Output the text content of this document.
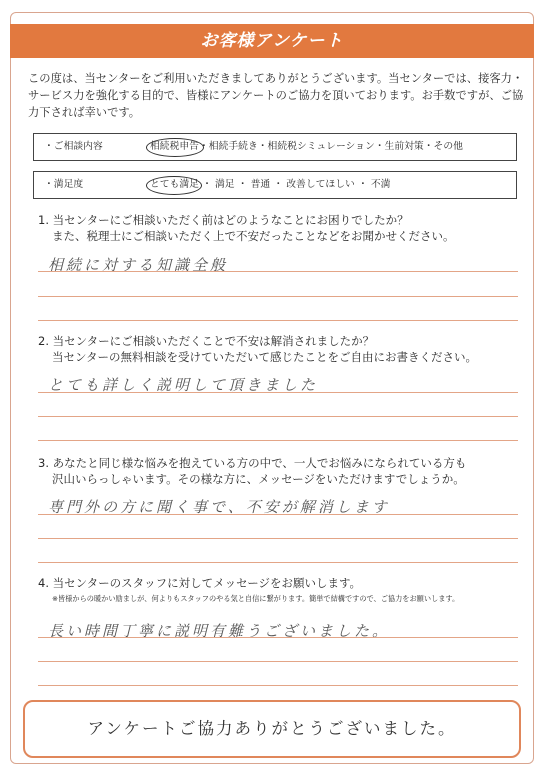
お客様アンケート
この度は、当センターをご利用いただきましてありがとうございます。当センターでは、接客力・サービス力を強化する目的で、皆様にアンケートのご協力を頂いております。お手数ですが、ご協力下されば幸いです。
・ご相談内容	相続税申告・相続手続き・相続税シミュレーション・生前対策・その他
・満足度	とても満足 ・ 満足 ・ 普通 ・ 改善してほしい ・ 不満
1. 当センターにご相談いただく前はどのようなことにお困りでしたか？
また、税理士にご相談いただく上で不安だったことなどをお聞かせください。
相続に対する知識全般
2. 当センターにご相談いただくことで不安は解消されましたか？
当センターの無料相談を受けていただいて感じたことをご自由にお書きください。
とても詳しく説明して頂きました
3. あなたと同じ様な悩みを抱えている方の中で、一人でお悩みになられている方も
沢山いらっしゃいます。その様な方に、メッセージをいただけますでしょうか。
専門外の方に聞く事で、不安が解消します
4. 当センターのスタッフに対してメッセージをお願いします。
※皆様からの暖かい励ましが、何よりもスタッフのやる気と自信に繋がります。簡単で結構ですので、ご協力をお願いします。
長い時間丁寧に説明有難うございました。
アンケートご協力ありがとうございました。
